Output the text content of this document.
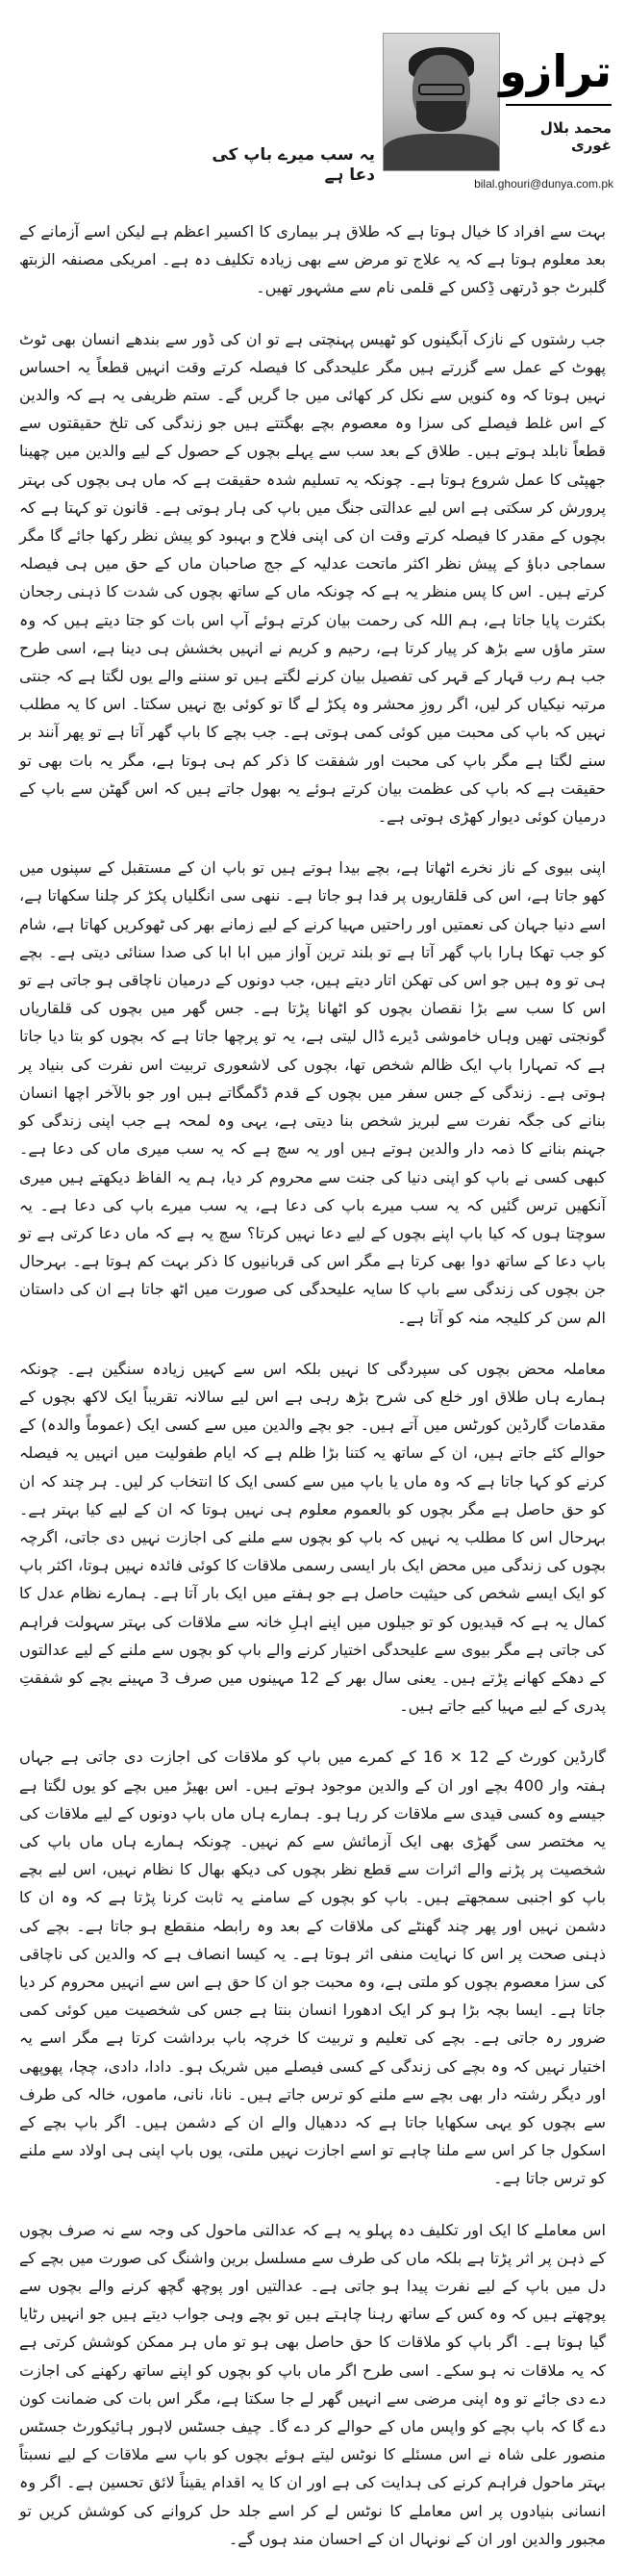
ترازو
محمد بلال غوری
bilal.ghouri@dunya.com.pk
یہ سب میرے باپ کی دعا ہے

بہت سے افراد کا خیال ہوتا ہے کہ طلاق ہر بیماری کا اکسیر اعظم ہے لیکن اسے آزمانے کے بعد معلوم ہوتا ہے کہ یہ علاج تو مرض سے بھی زیادہ تکلیف دہ ہے۔ امریکی مصنفہ الزبتھ گلبرٹ جو ڈرتھی ڈِکس کے قلمی نام سے مشہور تھیں۔

جب رشتوں کے نازک آبگینوں کو ٹھیس پہنچتی ہے تو ان کی ڈور سے بندھے انسان بھی ٹوٹ پھوٹ کے عمل سے گزرتے ہیں مگر علیحدگی کا فیصلہ کرتے وقت انہیں قطعاً یہ احساس نہیں ہوتا کہ وہ کنویں سے نکل کر کھائی میں جا گریں گے۔ ستم ظریفی یہ ہے کہ والدین کے اس غلط فیصلے کی سزا وہ معصوم بچے بھگتتے ہیں جو زندگی کی تلخ حقیقتوں سے قطعاً نابلد ہوتے ہیں۔ طلاق کے بعد سب سے پہلے بچوں کے حصول کے لیے والدین میں چھینا جھپٹی کا عمل شروع ہوتا ہے۔ چونکہ یہ تسلیم شدہ حقیقت ہے کہ ماں ہی بچوں کی بہتر پرورش کر سکتی ہے اس لیے عدالتی جنگ میں باپ کی ہار ہوتی ہے۔ قانون تو کہتا ہے کہ بچوں کے مقدر کا فیصلہ کرتے وقت ان کی اپنی فلاح و بہبود کو پیش نظر رکھا جائے گا مگر سماجی دباؤ کے پیش نظر اکثر ماتحت عدلیہ کے جج صاحبان ماں کے حق میں ہی فیصلہ کرتے ہیں۔ اس کا پس منظر یہ ہے کہ چونکہ ماں کے ساتھ بچوں کی شدت کا ذہنی رجحان بکثرت پایا جاتا ہے، ہم اللہ کی رحمت بیان کرتے ہوئے آپ اس بات کو جتا دیتے ہیں کہ وہ ستر ماؤں سے بڑھ کر پیار کرتا ہے، رحیم و کریم نے انہیں بخشش ہی دینا ہے، اسی طرح جب ہم رب قہار کے قہر کی تفصیل بیان کرنے لگتے ہیں تو سننے والے یوں لگتا ہے کہ جنتی مرتبہ نیکیاں کر لیں، اگر روزِ محشر وہ پکڑ لے گا تو کوئی بچ نہیں سکتا۔ اس کا یہ مطلب نہیں کہ باپ کی محبت میں کوئی کمی ہوتی ہے۔ جب بچے کا باپ گھر آتا ہے تو پھر آنند بر سنے لگتا ہے مگر باپ کی محبت اور شفقت کا ذکر کم ہی ہوتا ہے، مگر یہ بات بھی تو حقیقت ہے کہ باپ کی عظمت بیان کرتے ہوئے یہ بھول جاتے ہیں کہ اس گھٹن سے باپ کے درمیان کوئی دیوار کھڑی ہوتی ہے۔

اپنی بیوی کے ناز نخرے اٹھاتا ہے، بچے بیدا ہوتے ہیں تو باپ ان کے مستقبل کے سپنوں میں کھو جاتا ہے، اس کی قلقاریوں پر فدا ہو جاتا ہے۔ ننھی سی انگلیاں پکڑ کر چلنا سکھاتا ہے، اسے دنیا جہان کی نعمتیں اور راحتیں مہیا کرنے کے لیے زمانے بھر کی ٹھوکریں کھاتا ہے، شام کو جب تھکا ہارا باپ گھر آتا ہے تو بلند ترین آواز میں ابا ابا کی صدا سنائی دیتی ہے۔ بچے ہی تو وہ ہیں جو اس کی تھکن اتار دیتے ہیں، جب دونوں کے درمیان ناچاقی ہو جاتی ہے تو اس کا سب سے بڑا نقصان بچوں کو اٹھانا پڑتا ہے۔ جس گھر میں بچوں کی قلقاریاں گونجتی تھیں وہاں خاموشی ڈیرے ڈال لیتی ہے، یہ تو پرچھا جاتا ہے کہ بچوں کو بتا دیا جاتا ہے کہ تمہارا باپ ایک ظالم شخص تھا، بچوں کی لاشعوری تربیت اس نفرت کی بنیاد پر ہوتی ہے۔ زندگی کے جس سفر میں بچوں کے قدم ڈگمگاتے ہیں اور جو بالآخر اچھا انسان بنانے کی جگہ نفرت سے لبریز شخص بنا دیتی ہے، یہی وہ لمحہ ہے جب اپنی زندگی کو جہنم بنانے کا ذمہ دار والدین ہوتے ہیں اور یہ سچ ہے کہ یہ سب میری ماں کی دعا ہے۔ کبھی کسی نے باپ کو اپنی دنیا کی جنت سے محروم کر دیا، ہم یہ الفاظ دیکھتے ہیں میری آنکھیں ترس گئیں کہ یہ سب میرے باپ کی دعا ہے، یہ سب میرے باپ کی دعا ہے۔ یہ سوچتا ہوں کہ کیا باپ اپنے بچوں کے لیے دعا نہیں کرتا؟ سچ یہ ہے کہ ماں دعا کرتی ہے تو باپ دعا کے ساتھ دوا بھی کرتا ہے مگر اس کی قربانیوں کا ذکر بہت کم ہوتا ہے۔ بہرحال جن بچوں کی زندگی سے باپ کا سایہ علیحدگی کی صورت میں اٹھ جاتا ہے ان کی داستان الم سن کر کلیجہ منہ کو آتا ہے۔

معاملہ محض بچوں کی سپردگی کا نہیں بلکہ اس سے کہیں زیادہ سنگین ہے۔ چونکہ ہمارے ہاں طلاق اور خلع کی شرح بڑھ رہی ہے اس لیے سالانہ تقریباً ایک لاکھ بچوں کے مقدمات گارڈین کورٹس میں آتے ہیں۔ جو بچے والدین میں سے کسی ایک (عموماً والدہ) کے حوالے کئے جاتے ہیں، ان کے ساتھ یہ کتنا بڑا ظلم ہے کہ ایام طفولیت میں انہیں یہ فیصلہ کرنے کو کہا جاتا ہے کہ وہ ماں یا باپ میں سے کسی ایک کا انتخاب کر لیں۔ ہر چند کہ ان کو حق حاصل ہے مگر بچوں کو بالعموم معلوم ہی نہیں ہوتا کہ ان کے لیے کیا بہتر ہے۔ بہرحال اس کا مطلب یہ نہیں کہ باپ کو بچوں سے ملنے کی اجازت نہیں دی جاتی، اگرچہ بچوں کی زندگی میں محض ایک بار ایسی رسمی ملاقات کا کوئی فائدہ نہیں ہوتا، اکثر باپ کو ایک ایسے شخص کی حیثیت حاصل ہے جو ہفتے میں ایک بار آتا ہے۔ ہمارے نظام عدل کا کمال یہ ہے کہ قیدیوں کو تو جیلوں میں اپنے اہلِ خانہ سے ملاقات کی بہتر سہولت فراہم کی جاتی ہے مگر بیوی سے علیحدگی اختیار کرنے والے باپ کو بچوں سے ملنے کے لیے عدالتوں کے دھکے کھانے پڑتے ہیں۔ یعنی سال بھر کے 12 مہینوں میں صرف 3 مہینے بچے کو شفقتِ پدری کے لیے مہیا کیے جاتے ہیں۔

گارڈین کورٹ کے 12 × 16 کے کمرے میں باپ کو ملاقات کی اجازت دی جاتی ہے جہاں ہفتہ وار 400 بچے اور ان کے والدین موجود ہوتے ہیں۔ اس بھیڑ میں بچے کو یوں لگتا ہے جیسے وہ کسی قیدی سے ملاقات کر رہا ہو۔ ہمارے ہاں ماں باپ دونوں کے لیے ملاقات کی یہ مختصر سی گھڑی بھی ایک آزمائش سے کم نہیں۔ چونکہ ہمارے ہاں ماں باپ کی شخصیت پر پڑنے والے اثرات سے قطع نظر بچوں کی دیکھ بھال کا نظام نہیں، اس لیے بچے باپ کو اجنبی سمجھتے ہیں۔ باپ کو بچوں کے سامنے یہ ثابت کرنا پڑتا ہے کہ وہ ان کا دشمن نہیں اور پھر چند گھنٹے کی ملاقات کے بعد وہ رابطہ منقطع ہو جاتا ہے۔ بچے کی ذہنی صحت پر اس کا نہایت منفی اثر ہوتا ہے۔ یہ کیسا انصاف ہے کہ والدین کی ناچاقی کی سزا معصوم بچوں کو ملتی ہے، وہ محبت جو ان کا حق ہے اس سے انہیں محروم کر دیا جاتا ہے۔ ایسا بچہ بڑا ہو کر ایک ادھورا انسان بنتا ہے جس کی شخصیت میں کوئی کمی ضرور رہ جاتی ہے۔ بچے کی تعلیم و تربیت کا خرچہ باپ برداشت کرتا ہے مگر اسے یہ اختیار نہیں کہ وہ بچے کی زندگی کے کسی فیصلے میں شریک ہو۔ دادا، دادی، چچا، پھوپھی اور دیگر رشتہ دار بھی بچے سے ملنے کو ترس جاتے ہیں۔ نانا، نانی، ماموں، خالہ کی طرف سے بچوں کو یہی سکھایا جاتا ہے کہ ددھیال والے ان کے دشمن ہیں۔ اگر باپ بچے کے اسکول جا کر اس سے ملنا چاہے تو اسے اجازت نہیں ملتی، یوں باپ اپنی ہی اولاد سے ملنے کو ترس جاتا ہے۔

اس معاملے کا ایک اور تکلیف دہ پہلو یہ ہے کہ عدالتی ماحول کی وجہ سے نہ صرف بچوں کے ذہن پر اثر پڑتا ہے بلکہ ماں کی طرف سے مسلسل برین واشنگ کی صورت میں بچے کے دل میں باپ کے لیے نفرت پیدا ہو جاتی ہے۔ عدالتیں اور پوچھ گچھ کرنے والے بچوں سے پوچھتے ہیں کہ وہ کس کے ساتھ رہنا چاہتے ہیں تو بچے وہی جواب دیتے ہیں جو انہیں رٹایا گیا ہوتا ہے۔ اگر باپ کو ملاقات کا حق حاصل بھی ہو تو ماں ہر ممکن کوشش کرتی ہے کہ یہ ملاقات نہ ہو سکے۔ اسی طرح اگر ماں باپ کو بچوں کو اپنے ساتھ رکھنے کی اجازت دے دی جائے تو وہ اپنی مرضی سے انہیں گھر لے جا سکتا ہے، مگر اس بات کی ضمانت کون دے گا کہ باپ بچے کو واپس ماں کے حوالے کر دے گا۔ چیف جسٹس لاہور ہائیکورٹ جسٹس منصور علی شاہ نے اس مسئلے کا نوٹس لیتے ہوئے بچوں کو باپ سے ملاقات کے لیے نسبتاً بہتر ماحول فراہم کرنے کی ہدایت کی ہے اور ان کا یہ اقدام یقیناً لائق تحسین ہے۔ اگر وہ انسانی بنیادوں پر اس معاملے کا نوٹس لے کر اسے جلد حل کروانے کی کوشش کریں تو مجبور والدین اور ان کے نونہال ان کے احسان مند ہوں گے۔
